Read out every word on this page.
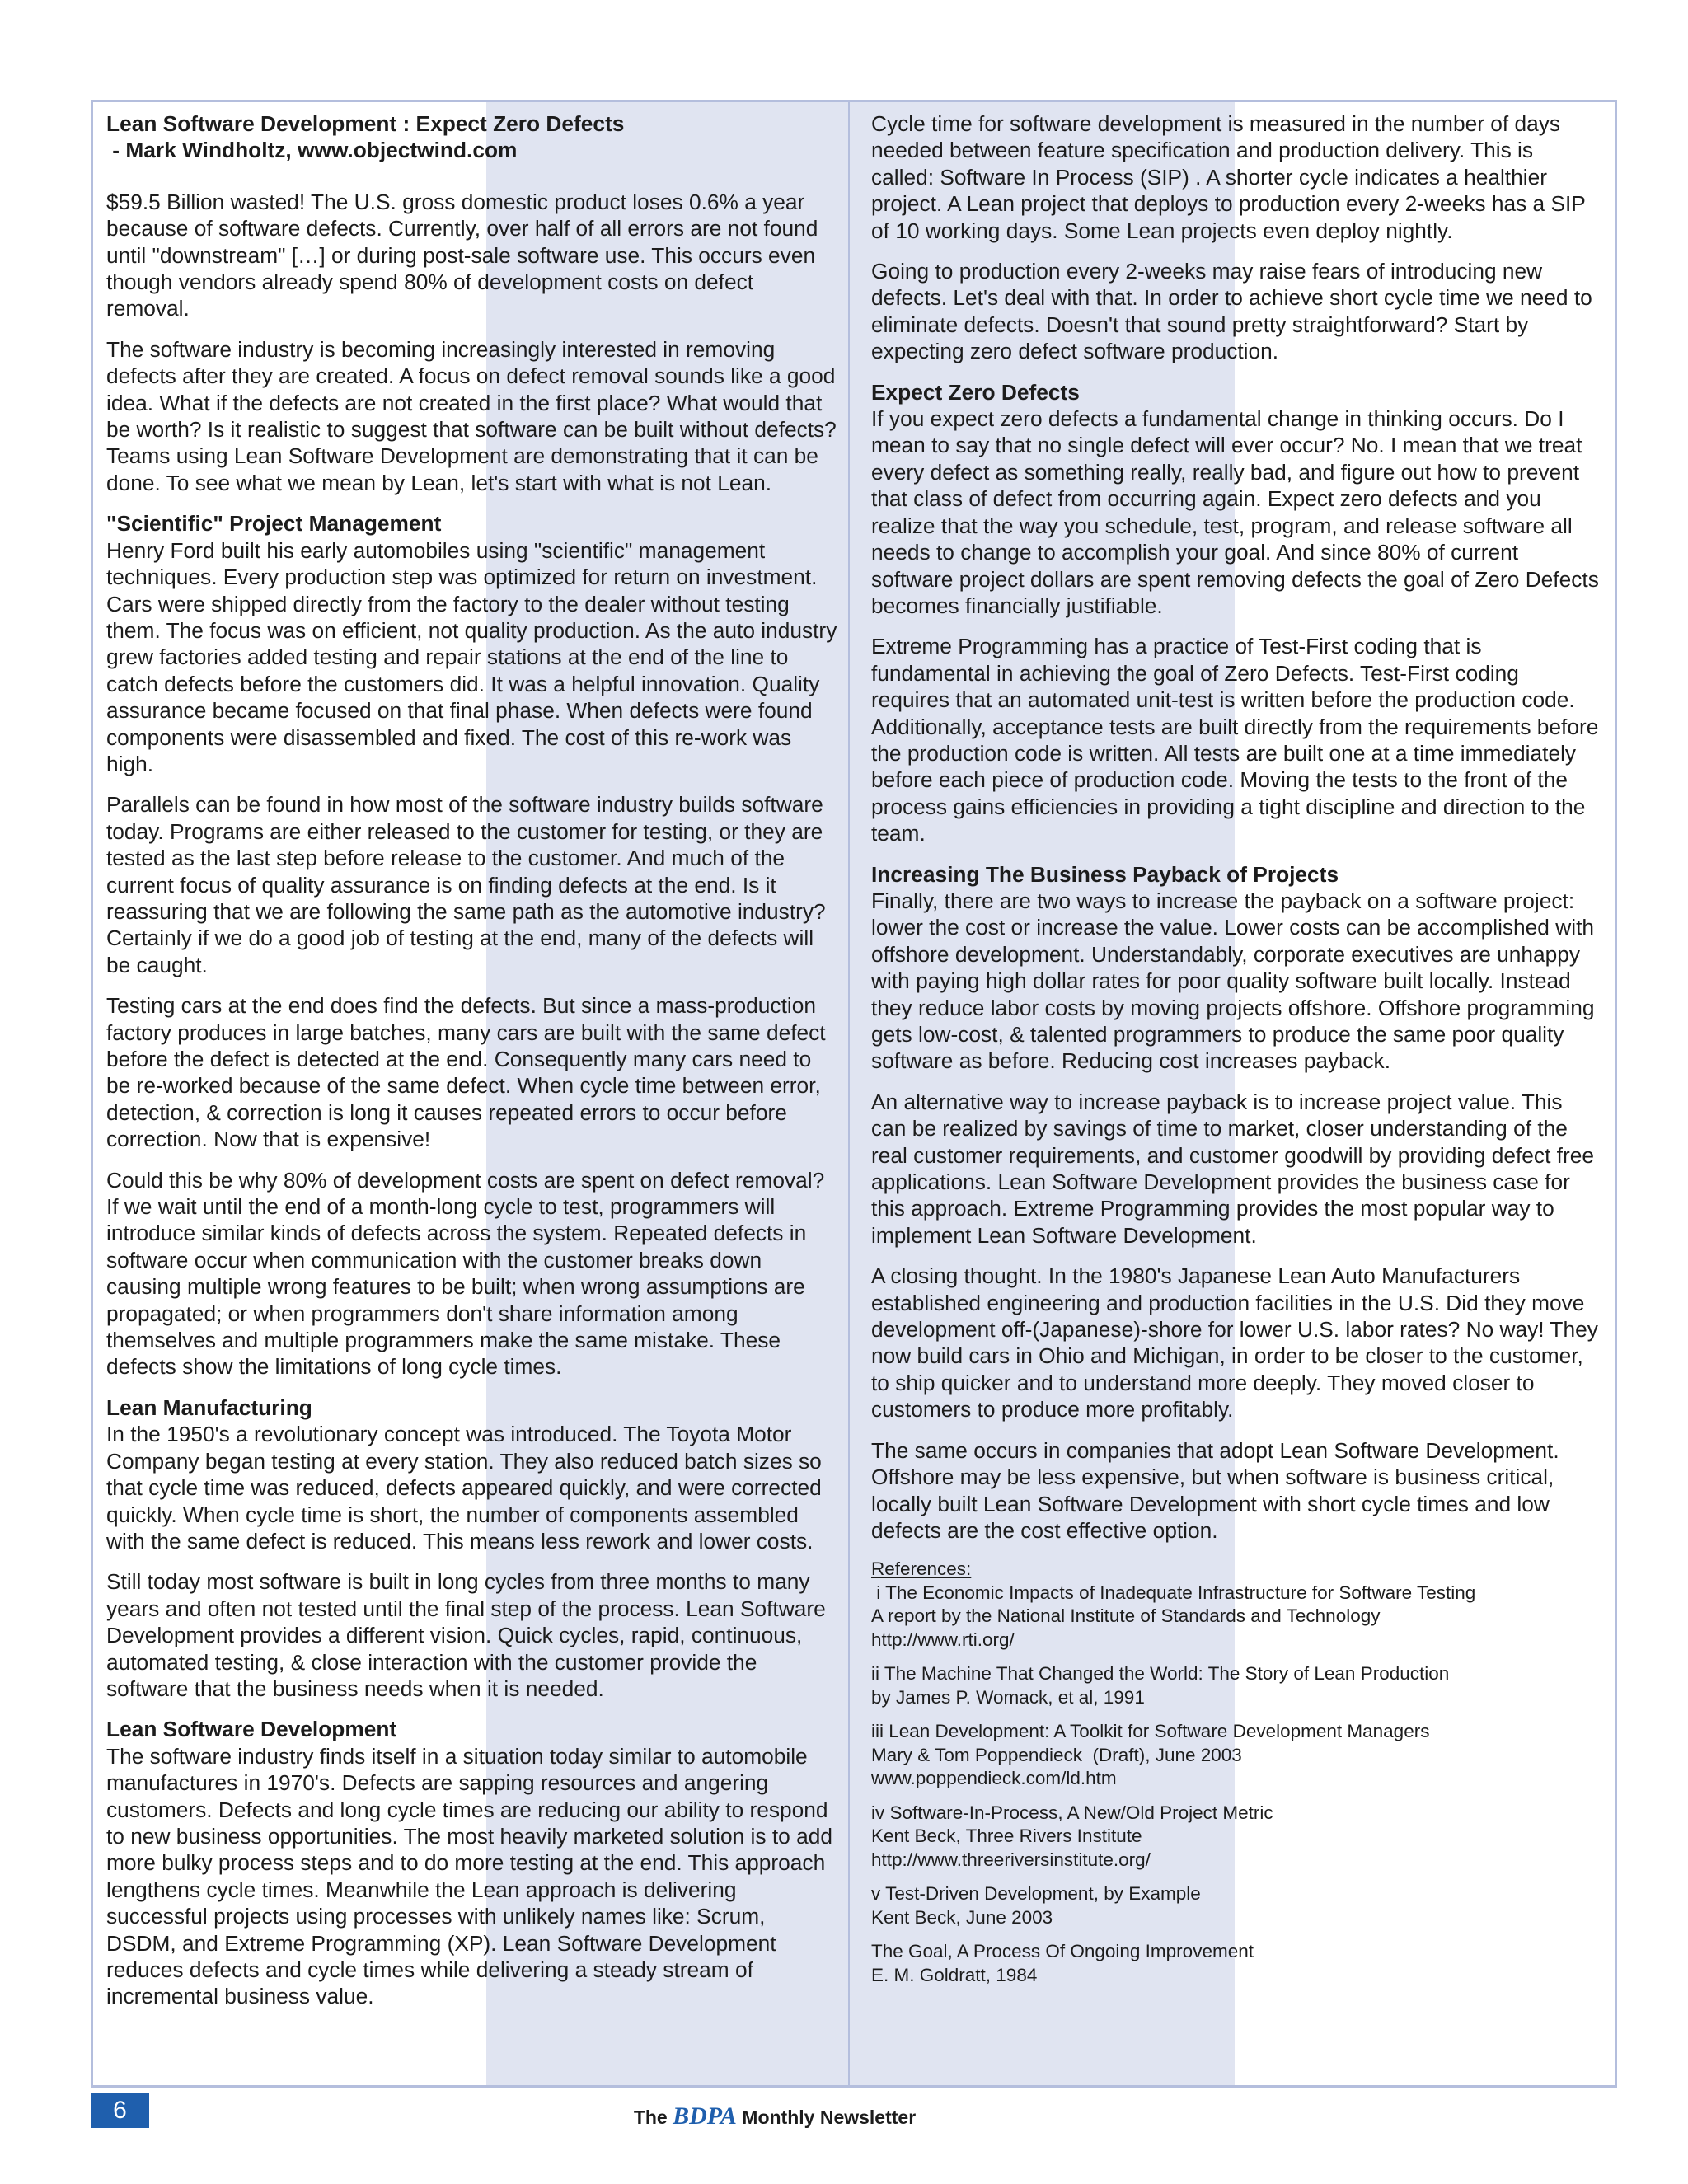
Lean Software Development : Expect Zero Defects
- Mark Windholtz, www.objectwind.com

$59.5 Billion wasted! The U.S. gross domestic product loses 0.6% a year because of software defects. Currently, over half of all errors are not found until "downstream" […] or during post-sale software use. This occurs even though vendors already spend 80% of development costs on defect removal.

The software industry is becoming increasingly interested in removing defects after they are created. A focus on defect removal sounds like a good idea. What if the defects are not created in the first place? What would that be worth? Is it realistic to suggest that software can be built without defects? Teams using Lean Software Development are demonstrating that it can be done. To see what we mean by Lean, let's start with what is not Lean.

"Scientific" Project Management

Henry Ford built his early automobiles using "scientific" management techniques. Every production step was optimized for return on investment. Cars were shipped directly from the factory to the dealer without testing them. The focus was on efficient, not quality production. As the auto industry grew factories added testing and repair stations at the end of the line to catch defects before the customers did. It was a helpful innovation. Quality assurance became focused on that final phase. When defects were found components were disassembled and fixed. The cost of this re-work was high.

Parallels can be found in how most of the software industry builds software today. Programs are either released to the customer for testing, or they are tested as the last step before release to the customer. And much of the current focus of quality assurance is on finding defects at the end. Is it reassuring that we are following the same path as the automotive industry? Certainly if we do a good job of testing at the end, many of the defects will be caught.

Testing cars at the end does find the defects. But since a mass-production factory produces in large batches, many cars are built with the same defect before the defect is detected at the end. Consequently many cars need to be re-worked because of the same defect. When cycle time between error, detection, & correction is long it causes repeated errors to occur before correction. Now that is expensive!

Could this be why 80% of development costs are spent on defect removal? If we wait until the end of a month-long cycle to test, programmers will introduce similar kinds of defects across the system. Repeated defects in software occur when communication with the customer breaks down causing multiple wrong features to be built; when wrong assumptions are propagated; or when programmers don't share information among themselves and multiple programmers make the same mistake. These defects show the limitations of long cycle times.

Lean Manufacturing

In the 1950's a revolutionary concept was introduced. The Toyota Motor Company began testing at every station. They also reduced batch sizes so that cycle time was reduced, defects appeared quickly, and were corrected quickly. When cycle time is short, the number of components assembled with the same defect is reduced. This means less rework and lower costs.

Still today most software is built in long cycles from three months to many years and often not tested until the final step of the process. Lean Software Development provides a different vision. Quick cycles, rapid, continuous, automated testing, & close interaction with the customer provide the software that the business needs when it is needed.

Lean Software Development

The software industry finds itself in a situation today similar to automobile manufactures in 1970's. Defects are sapping resources and angering customers. Defects and long cycle times are reducing our ability to respond to new business opportunities. The most heavily marketed solution is to add more bulky process steps and to do more testing at the end. This approach lengthens cycle times. Meanwhile the Lean approach is delivering successful projects using processes with unlikely names like: Scrum, DSDM, and Extreme Programming (XP). Lean Software Development reduces defects and cycle times while delivering a steady stream of incremental business value.

Cycle time for software development is measured in the number of days needed between feature specification and production delivery. This is called: Software In Process (SIP) . A shorter cycle indicates a healthier project. A Lean project that deploys to production every 2-weeks has a SIP of 10 working days. Some Lean projects even deploy nightly.

Going to production every 2-weeks may raise fears of introducing new defects. Let's deal with that. In order to achieve short cycle time we need to eliminate defects. Doesn't that sound pretty straightforward? Start by expecting zero defect software production.

Expect Zero Defects

If you expect zero defects a fundamental change in thinking occurs. Do I mean to say that no single defect will ever occur? No. I mean that we treat every defect as something really, really bad, and figure out how to prevent that class of defect from occurring again. Expect zero defects and you realize that the way you schedule, test, program, and release software all needs to change to accomplish your goal. And since 80% of current software project dollars are spent removing defects the goal of Zero Defects becomes financially justifiable.

Extreme Programming has a practice of Test-First coding that is fundamental in achieving the goal of Zero Defects. Test-First coding requires that an automated unit-test is written before the production code. Additionally, acceptance tests are built directly from the requirements before the production code is written. All tests are built one at a time immediately before each piece of production code. Moving the tests to the front of the process gains efficiencies in providing a tight discipline and direction to the team.

Increasing The Business Payback of Projects

Finally, there are two ways to increase the payback on a software project: lower the cost or increase the value. Lower costs can be accomplished with offshore development. Understandably, corporate executives are unhappy with paying high dollar rates for poor quality software built locally. Instead they reduce labor costs by moving projects offshore. Offshore programming gets low-cost, & talented programmers to produce the same poor quality software as before. Reducing cost increases payback.

An alternative way to increase payback is to increase project value. This can be realized by savings of time to market, closer understanding of the real customer requirements, and customer goodwill by providing defect free applications. Lean Software Development provides the business case for this approach. Extreme Programming provides the most popular way to implement Lean Software Development.

A closing thought. In the 1980's Japanese Lean Auto Manufacturers established engineering and production facilities in the U.S. Did they move development off-(Japanese)-shore for lower U.S. labor rates? No way! They now build cars in Ohio and Michigan, in order to be closer to the customer, to ship quicker and to understand more deeply. They moved closer to customers to produce more profitably.

The same occurs in companies that adopt Lean Software Development. Offshore may be less expensive, but when software is business critical, locally built Lean Software Development with short cycle times and low defects are the cost effective option.

References:
i The Economic Impacts of Inadequate Infrastructure for Software Testing
A report by the National Institute of Standards and Technology
http://www.rti.org/
ii The Machine That Changed the World: The Story of Lean Production
by James P. Womack, et al, 1991
iii Lean Development: A Toolkit for Software Development Managers
Mary & Tom Poppendieck  (Draft), June 2003
www.poppendieck.com/ld.htm
iv Software-In-Process, A New/Old Project Metric
Kent Beck, Three Rivers Institute
http://www.threeriversinstitute.org/
v Test-Driven Development, by Example
Kent Beck, June 2003
The Goal, A Process Of Ongoing Improvement
E. M. Goldratt, 1984
6	The BDPA Monthly Newsletter
